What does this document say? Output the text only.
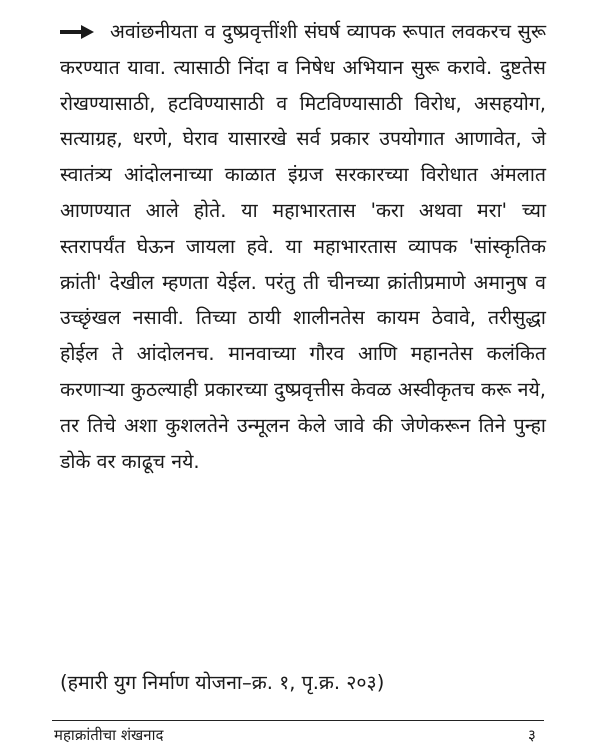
अवांछनीयता व दुष्प्रवृत्तींशी संघर्ष व्यापक रूपात लवकरच सुरू करण्यात यावा. त्यासाठी निंदा व निषेध अभियान सुरू करावे. दुष्टतेस रोखण्यासाठी, हटविण्यासाठी व मिटविण्यासाठी विरोध, असहयोग, सत्याग्रह, धरणे, घेराव यासारखे सर्व प्रकार उपयोगात आणावेत, जे स्वातंत्र्य आंदोलनाच्या काळात इंग्रज सरकारच्या विरोधात अंमलात आणण्यात आले होते. या महाभारतास 'करा अथवा मरा' च्या स्तरापर्यंत घेऊन जायला हवे. या महाभारतास व्यापक 'सांस्कृतिक क्रांती' देखील म्हणता येईल. परंतु ती चीनच्या क्रांतीप्रमाणे अमानुष व उच्छृंखल नसावी. तिच्या ठायी शालीनतेस कायम ठेवावे, तरीसुद्धा होईल ते आंदोलनच. मानवाच्या गौरव आणि महानतेस कलंकित करणाऱ्या कुठल्याही प्रकारच्या दुष्प्रवृत्तीस केवळ अस्वीकृतच करू नये, तर तिचे अशा कुशलतेने उन्मूलन केले जावे की जेणेकरून तिने पुन्हा डोके वर काढूच नये.

(हमारी युग निर्माण योजना–क्र. १, पृ.क्र. २०३)
महाक्रांतीचा शंखनाद	३
